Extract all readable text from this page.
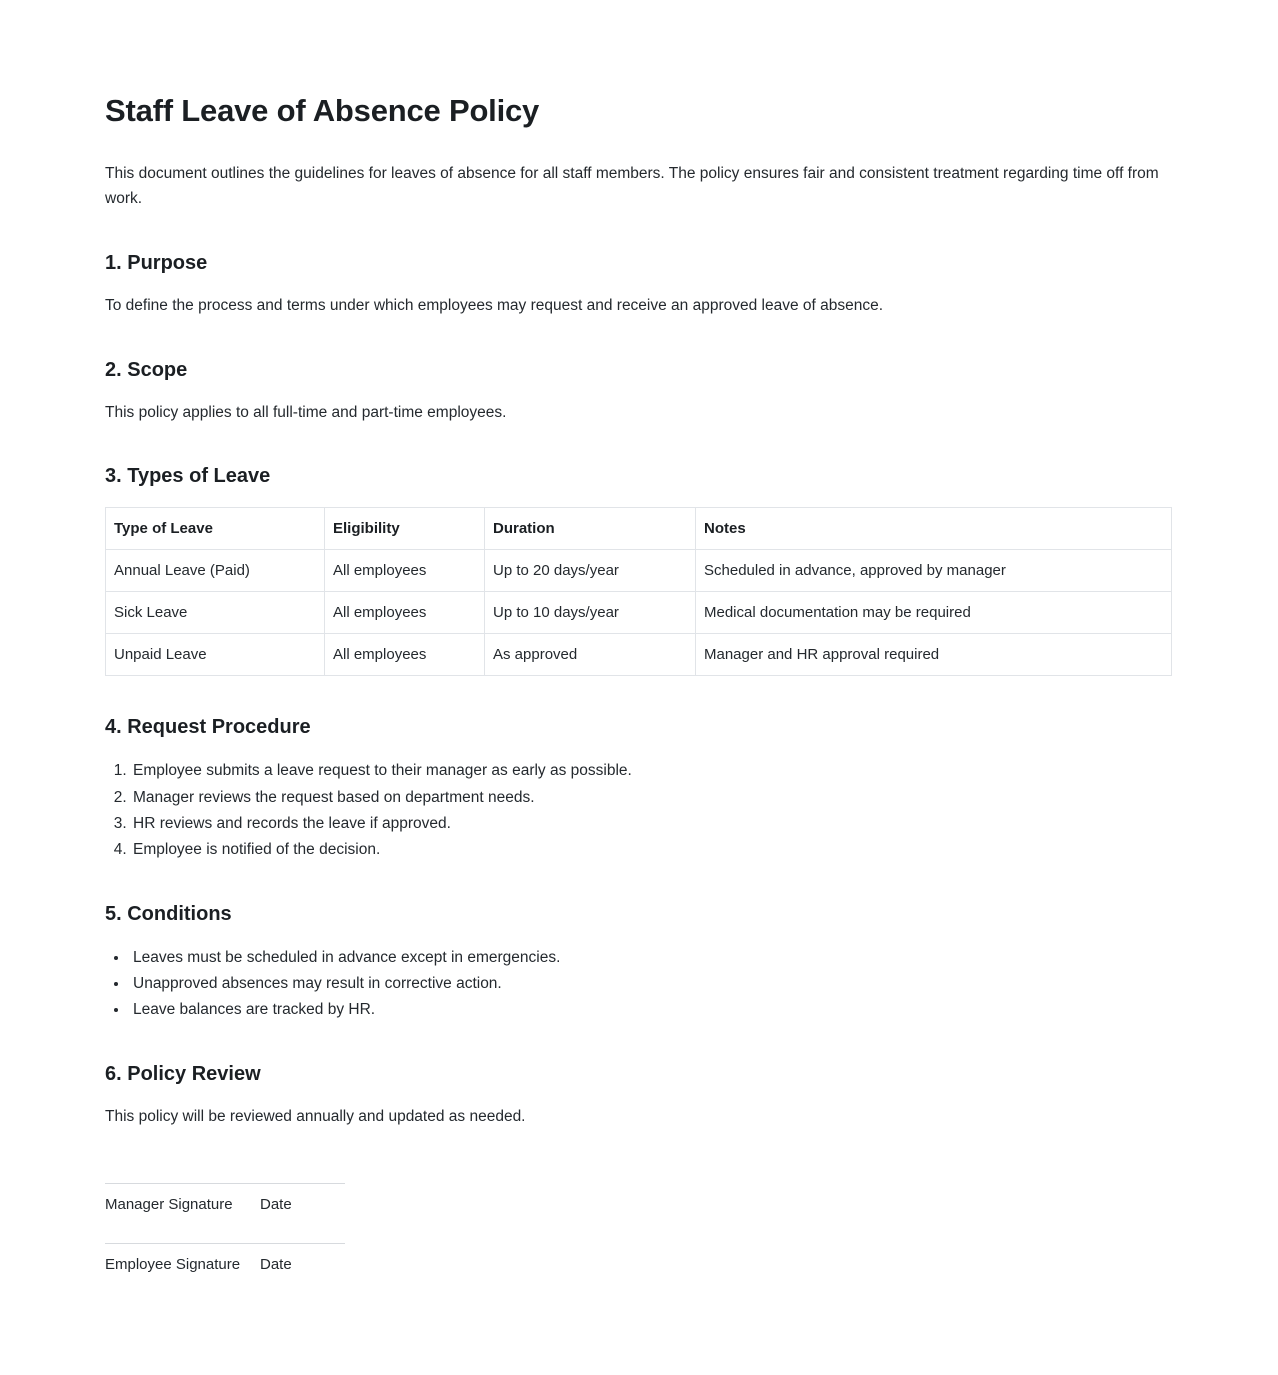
Staff Leave of Absence Policy

This document outlines the guidelines for leaves of absence for all staff members. The policy ensures fair and consistent treatment regarding time off from work.

1. Purpose

To define the process and terms under which employees may request and receive an approved leave of absence.

2. Scope

This policy applies to all full-time and part-time employees.

3. Types of Leave
Type of Leave	Eligibility	Duration	Notes
Annual Leave (Paid)	All employees	Up to 20 days/year	Scheduled in advance, approved by manager
Sick Leave	All employees	Up to 10 days/year	Medical documentation may be required
Unpaid Leave	All employees	As approved	Manager and HR approval required
4. Request Procedure
1. Employee submits a leave request to their manager as early as possible.
2. Manager reviews the request based on department needs.
3. HR reviews and records the leave if approved.
4. Employee is notified of the decision.
5. Conditions
• Leaves must be scheduled in advance except in emergencies.
• Unapproved absences may result in corrective action.
• Leave balances are tracked by HR.
6. Policy Review

This policy will be reviewed annually and updated as needed.

Manager Signature	Date
Employee Signature	Date
